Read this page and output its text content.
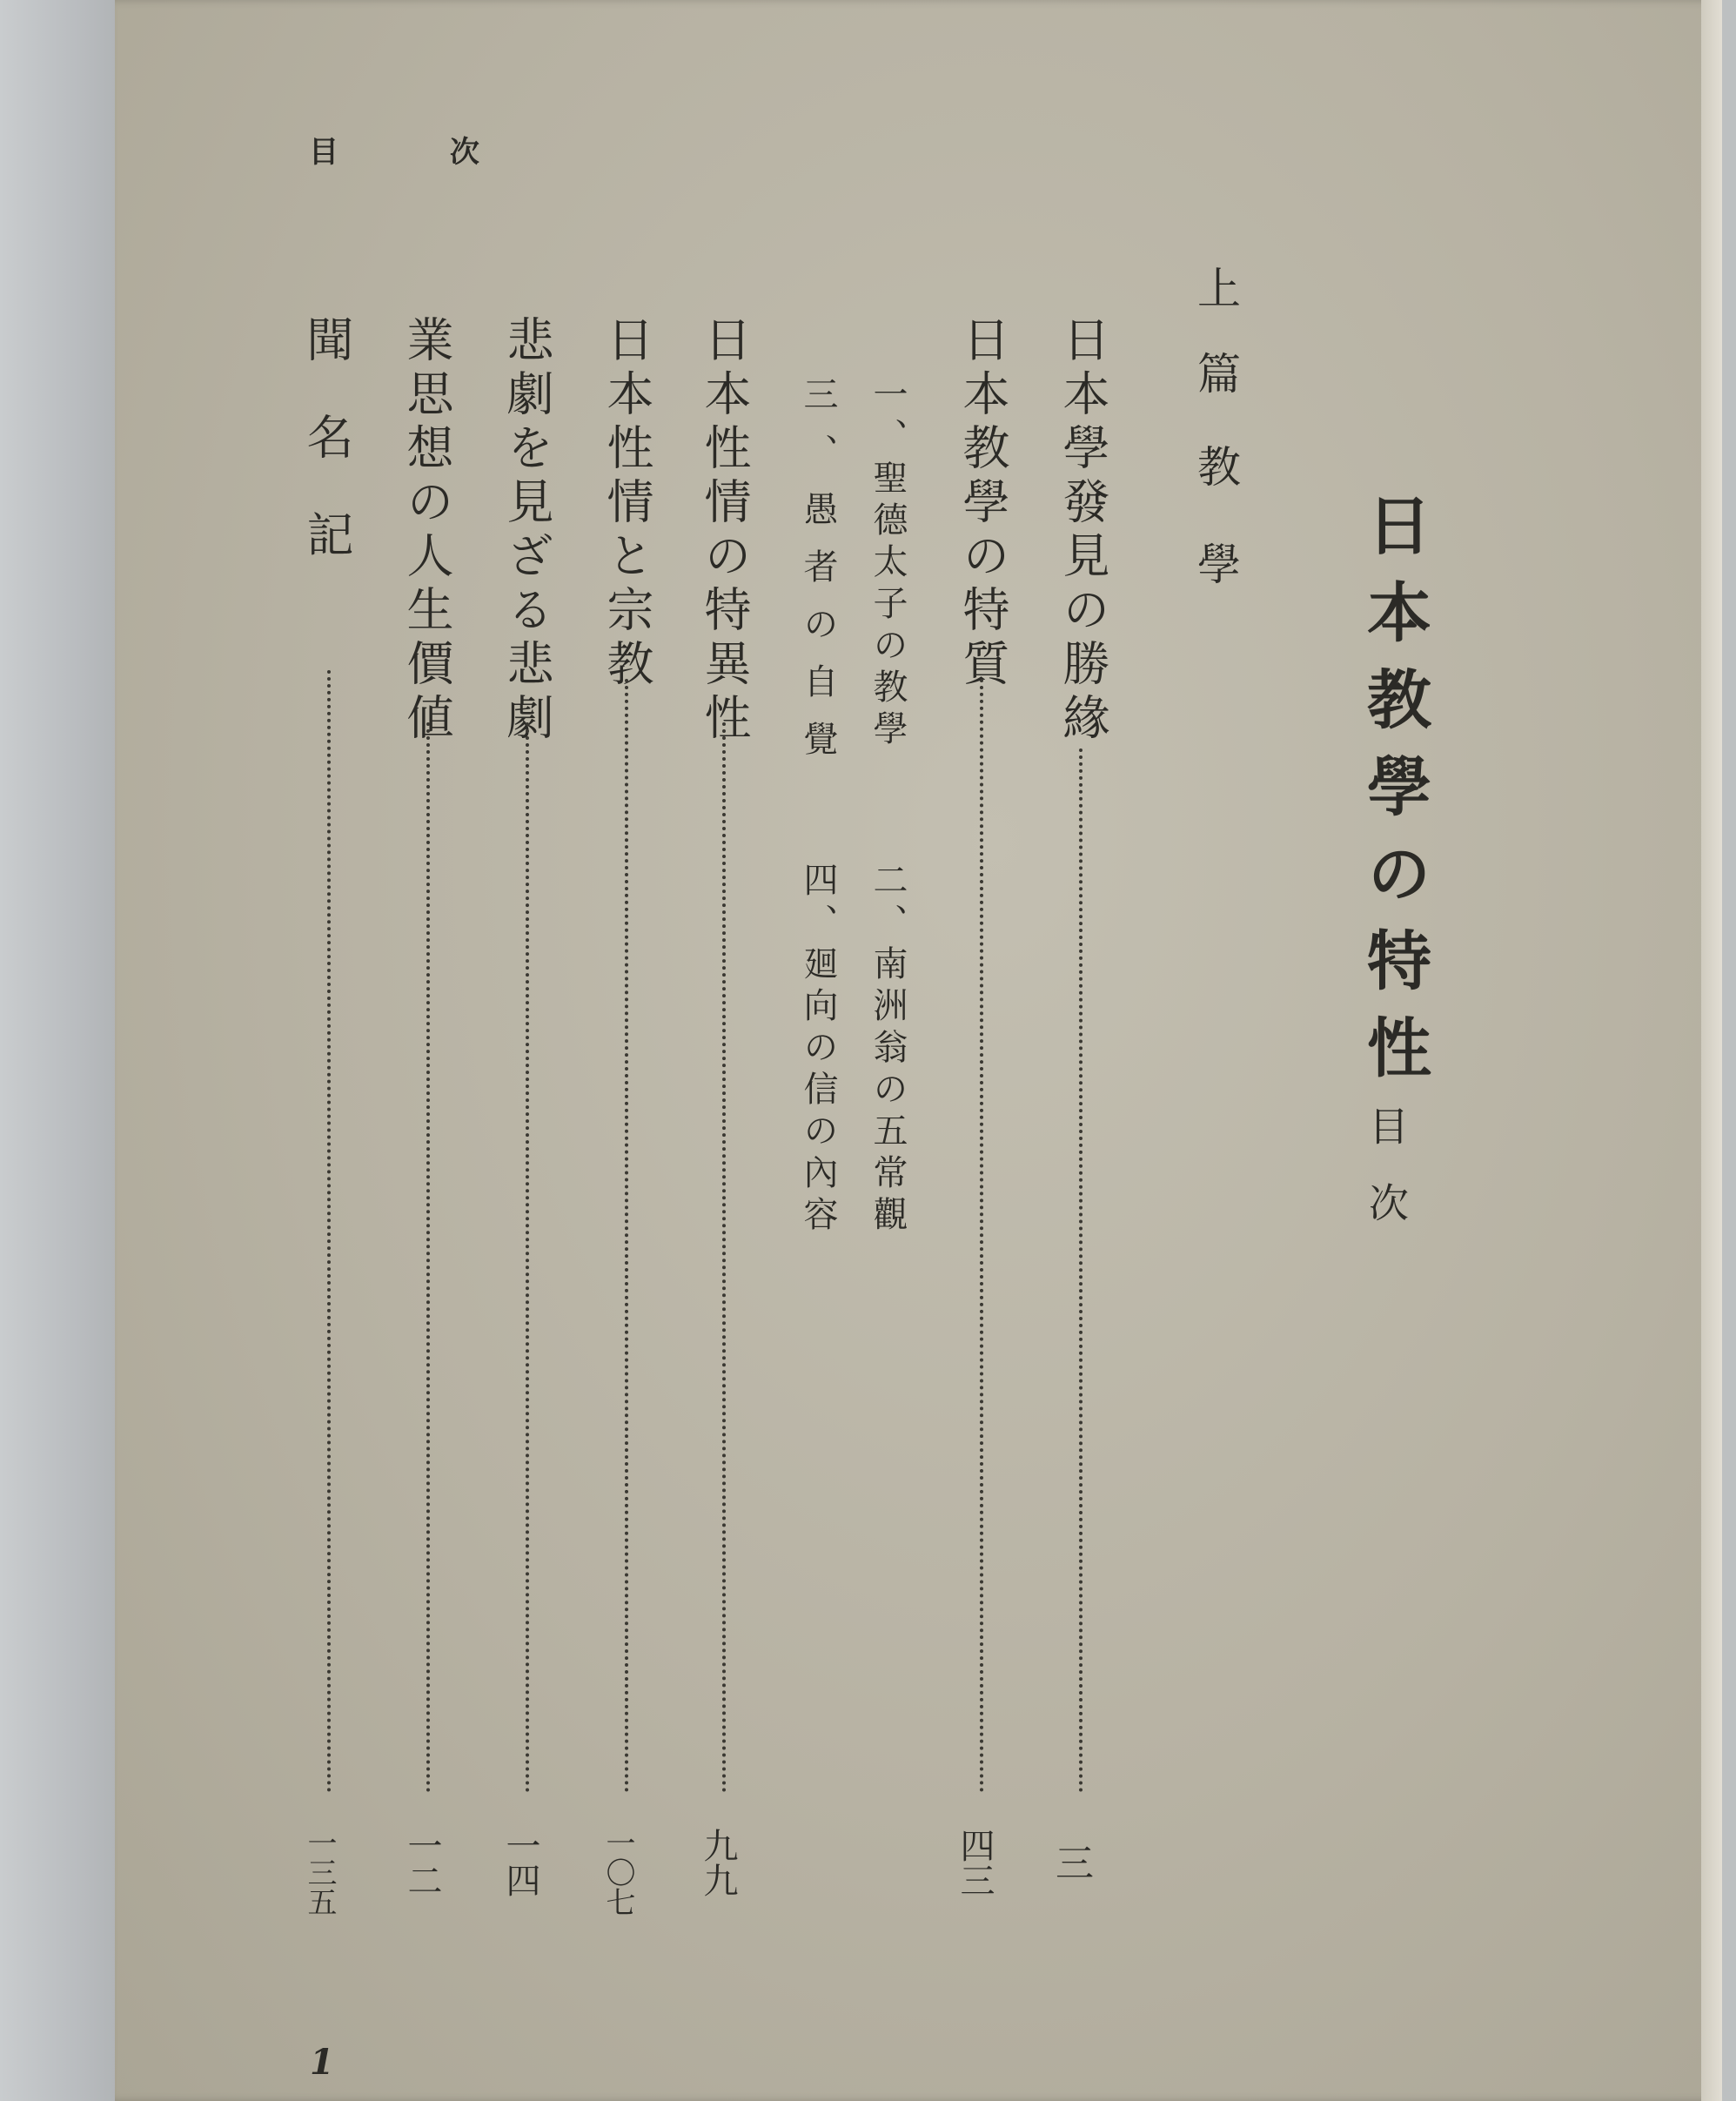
目 次
日本教學の特性
目次
上篇
教學
日本學發見の勝緣
三
日本教學の特質
四三
一、聖德太子の教學
二、南洲翁の五常觀
三、愚者の自覺
四、廻向の信の內容
日本性情の特異性
九九
日本性情と宗教
一〇七
悲劇を見ざる悲劇
一四
業思想の人生價値
一二
聞名記
一三五
1
